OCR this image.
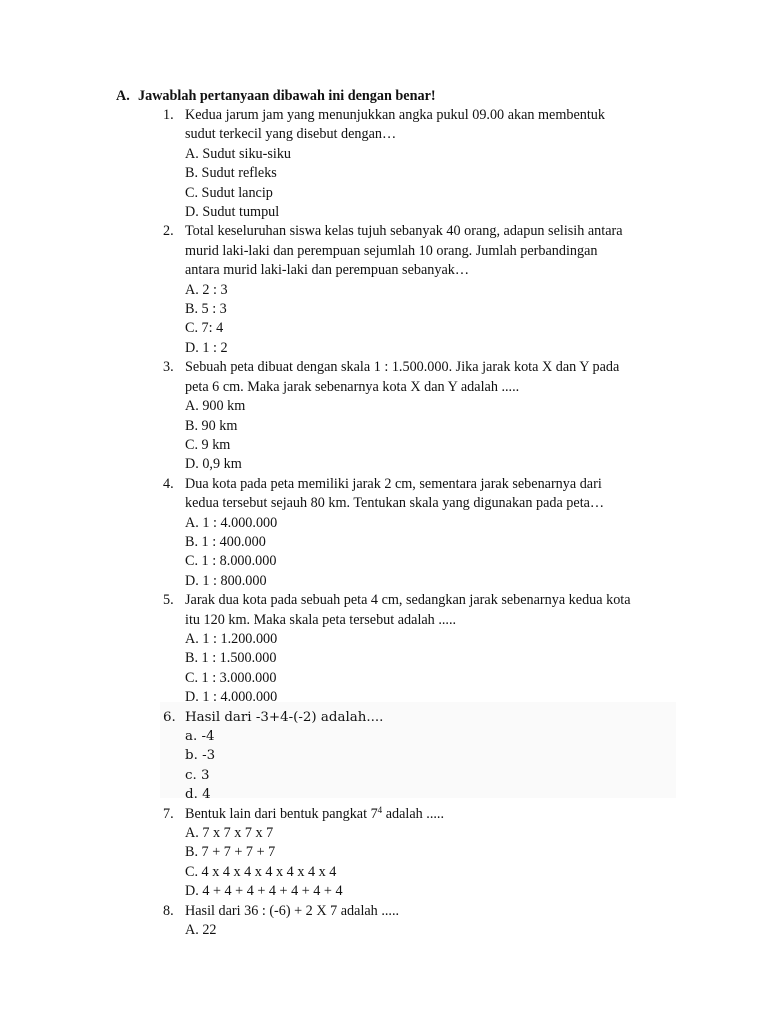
A. Jawablah pertanyaan dibawah ini dengan benar!
1. Kedua jarum jam yang menunjukkan angka pukul 09.00 akan membentuk
sudut terkecil yang disebut dengan…
A. Sudut siku-siku
B. Sudut refleks
C. Sudut lancip
D. Sudut tumpul
2. Total keseluruhan siswa kelas tujuh sebanyak 40 orang, adapun selisih antara
murid laki-laki dan perempuan sejumlah 10 orang. Jumlah perbandingan
antara murid laki-laki dan perempuan sebanyak…
A. 2 : 3
B. 5 : 3
C. 7: 4
D. 1 : 2
3. Sebuah peta dibuat dengan skala 1 : 1.500.000. Jika jarak kota X dan Y pada
peta 6 cm. Maka jarak sebenarnya kota X dan Y adalah .....
A. 900 km
B. 90 km
C. 9 km
D. 0,9 km
4. Dua kota pada peta memiliki jarak 2 cm, sementara jarak sebenarnya dari
kedua tersebut sejauh 80 km. Tentukan skala yang digunakan pada peta…
A. 1 : 4.000.000
B. 1 : 400.000
C. 1 : 8.000.000
D. 1 : 800.000
5. Jarak dua kota pada sebuah peta 4 cm, sedangkan jarak sebenarnya kedua kota
itu 120 km. Maka skala peta tersebut adalah .....
A. 1 : 1.200.000
B. 1 : 1.500.000
C. 1 : 3.000.000
D. 1 : 4.000.000
6. Hasil dari -3+4-(-2) adalah....
a. -4
b. -3
c. 3
d. 4
7. Bentuk lain dari bentuk pangkat $7^4$ adalah .....
A. 7 x 7 x 7 x 7
B. 7 + 7 + 7 + 7
C. 4 x 4 x 4 x 4 x 4 x 4 x 4
D. 4 + 4 + 4 + 4 + 4 + 4 + 4
8. Hasil dari 36 : (-6) + 2 X 7 adalah .....
A. 22
